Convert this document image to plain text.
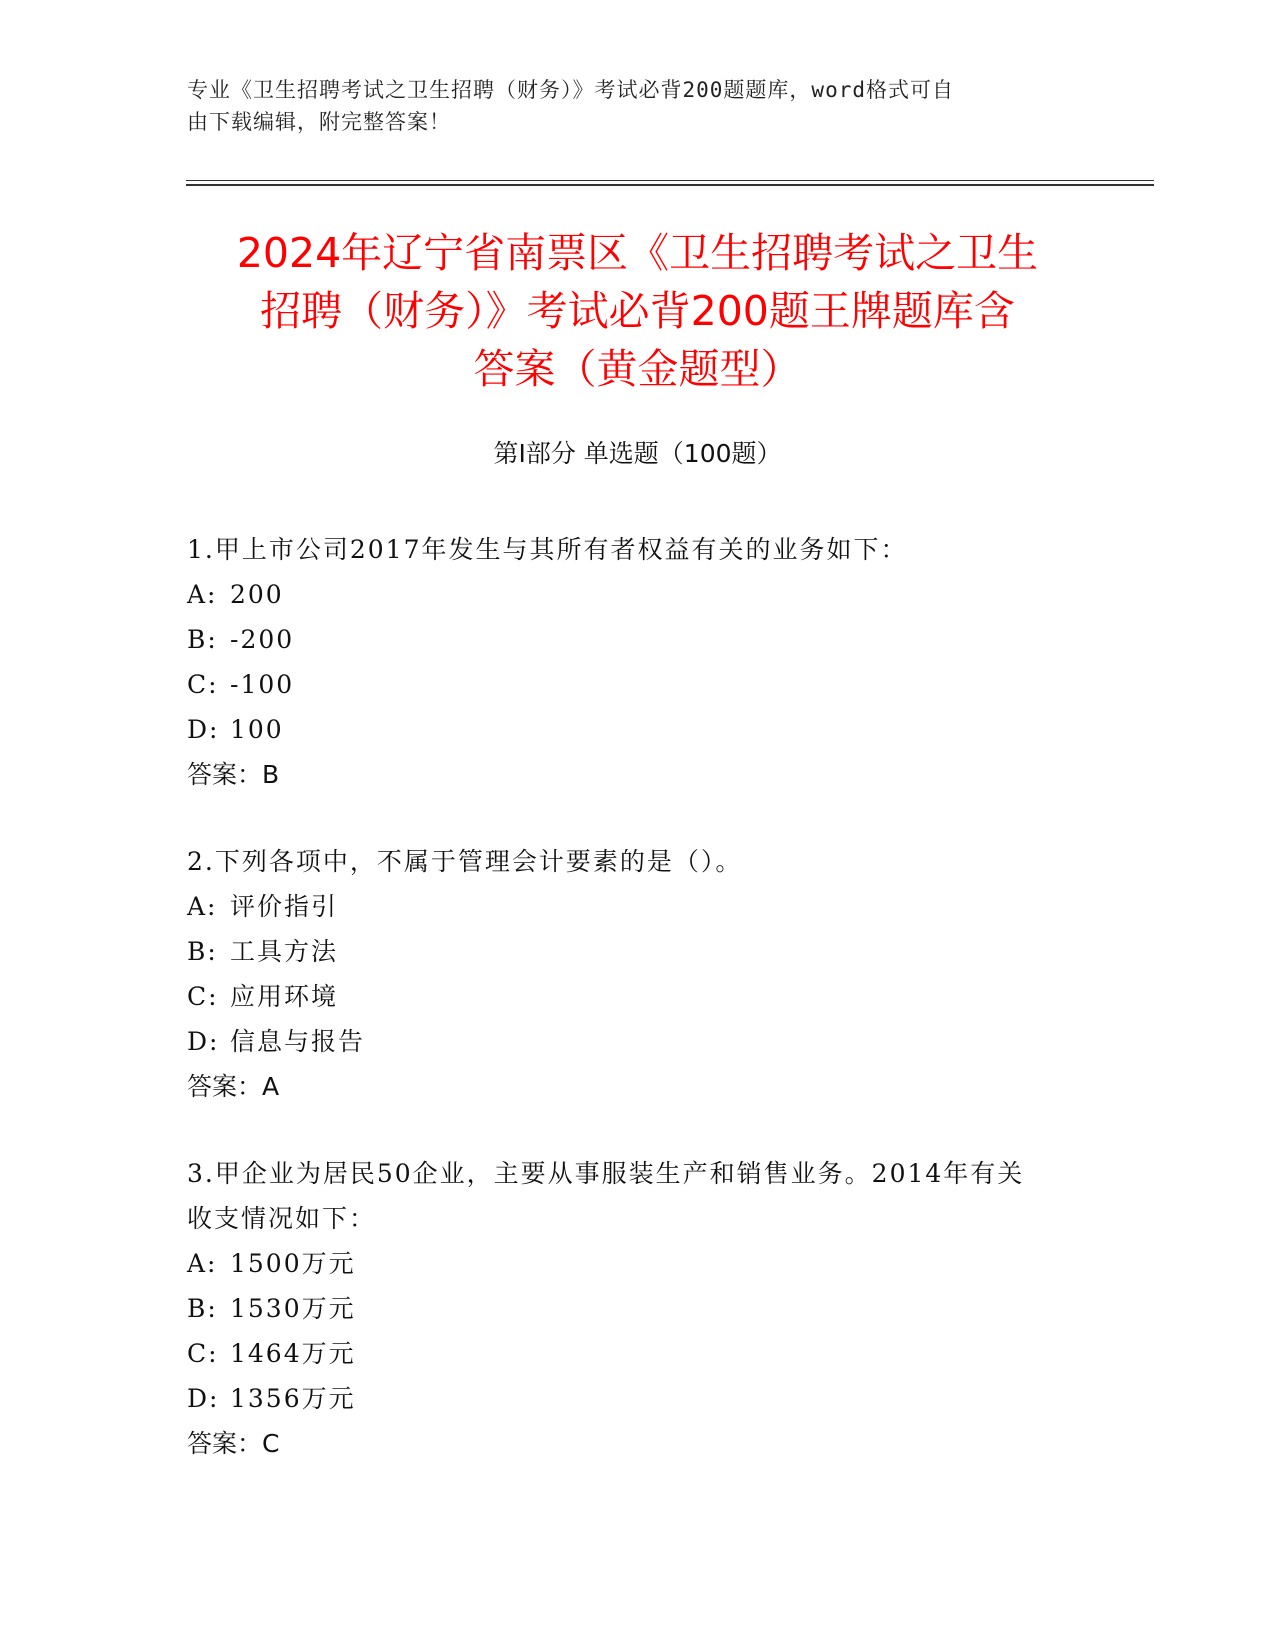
专业《卫生招聘考试之卫生招聘（财务）》考试必背200题题库，word格式可自
由下载编辑，附完整答案！
2024年辽宁省南票区《卫生招聘考试之卫生
招聘（财务）》考试必背200题王牌题库含
答案（黄金题型）
第Ⅰ部分 单选题（100题）
1.甲上市公司2017年发生与其所有者权益有关的业务如下：
A: 200
B: -200
C: -100
D: 100
答案：B
2.下列各项中，不属于管理会计要素的是（）。
A: 评价指引
B: 工具方法
C: 应用环境
D: 信息与报告
答案：A
3.甲企业为居民50企业，主要从事服装生产和销售业务。2014年有关
收支情况如下：
A: 1500万元
B: 1530万元
C: 1464万元
D: 1356万元
答案：C
